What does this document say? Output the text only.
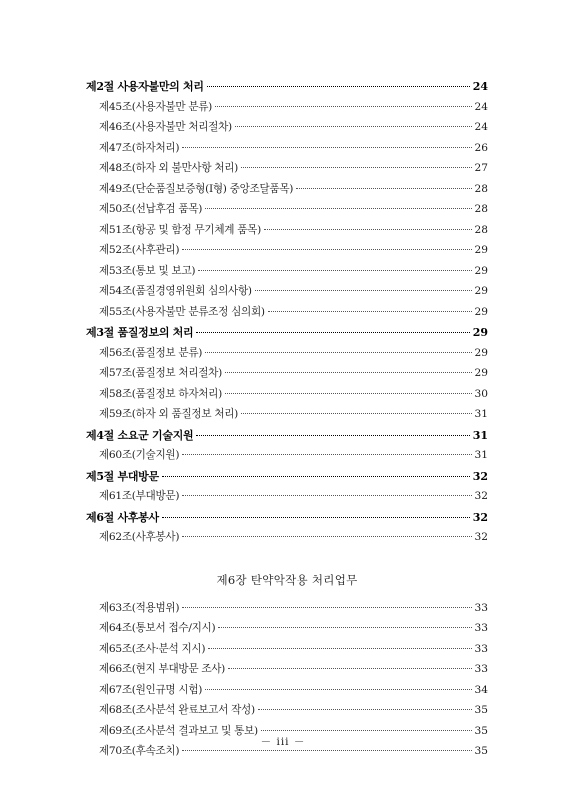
제2절 사용자불만의 처리	24
제45조(사용자불만 분류)	24
제46조(사용자불만 처리절차)	24
제47조(하자처리)	26
제48조(하자 외 불만사항 처리)	27
제49조(단순품질보증형(Ⅰ형) 중앙조달품목)	28
제50조(선납후검 품목)	28
제51조(항공 및 함정 무기체계 품목)	28
제52조(사후관리)	29
제53조(통보 및 보고)	29
제54조(품질경영위원회 심의사항)	29
제55조(사용자불만 분류조정 심의회)	29
제3절 품질정보의 처리	29
제56조(품질정보 분류)	29
제57조(품질정보 처리절차)	29
제58조(품질정보 하자처리)	30
제59조(하자 외 품질정보 처리)	31
제4절 소요군 기술지원	31
제60조(기술지원)	31
제5절 부대방문	32
제61조(부대방문)	32
제6절 사후봉사	32
제62조(사후봉사)	32
제6장 탄약악작용 처리업무
제63조(적용범위)	33
제64조(통보서 접수/지시)	33
제65조(조사·분석 지시)	33
제66조(현지 부대방문 조사)	33
제67조(원인규명 시험)	34
제68조(조사분석 완료보고서 작성)	35
제69조(조사분석 결과보고 및 통보)	35
제70조(후속조치)	35
－ iii －
